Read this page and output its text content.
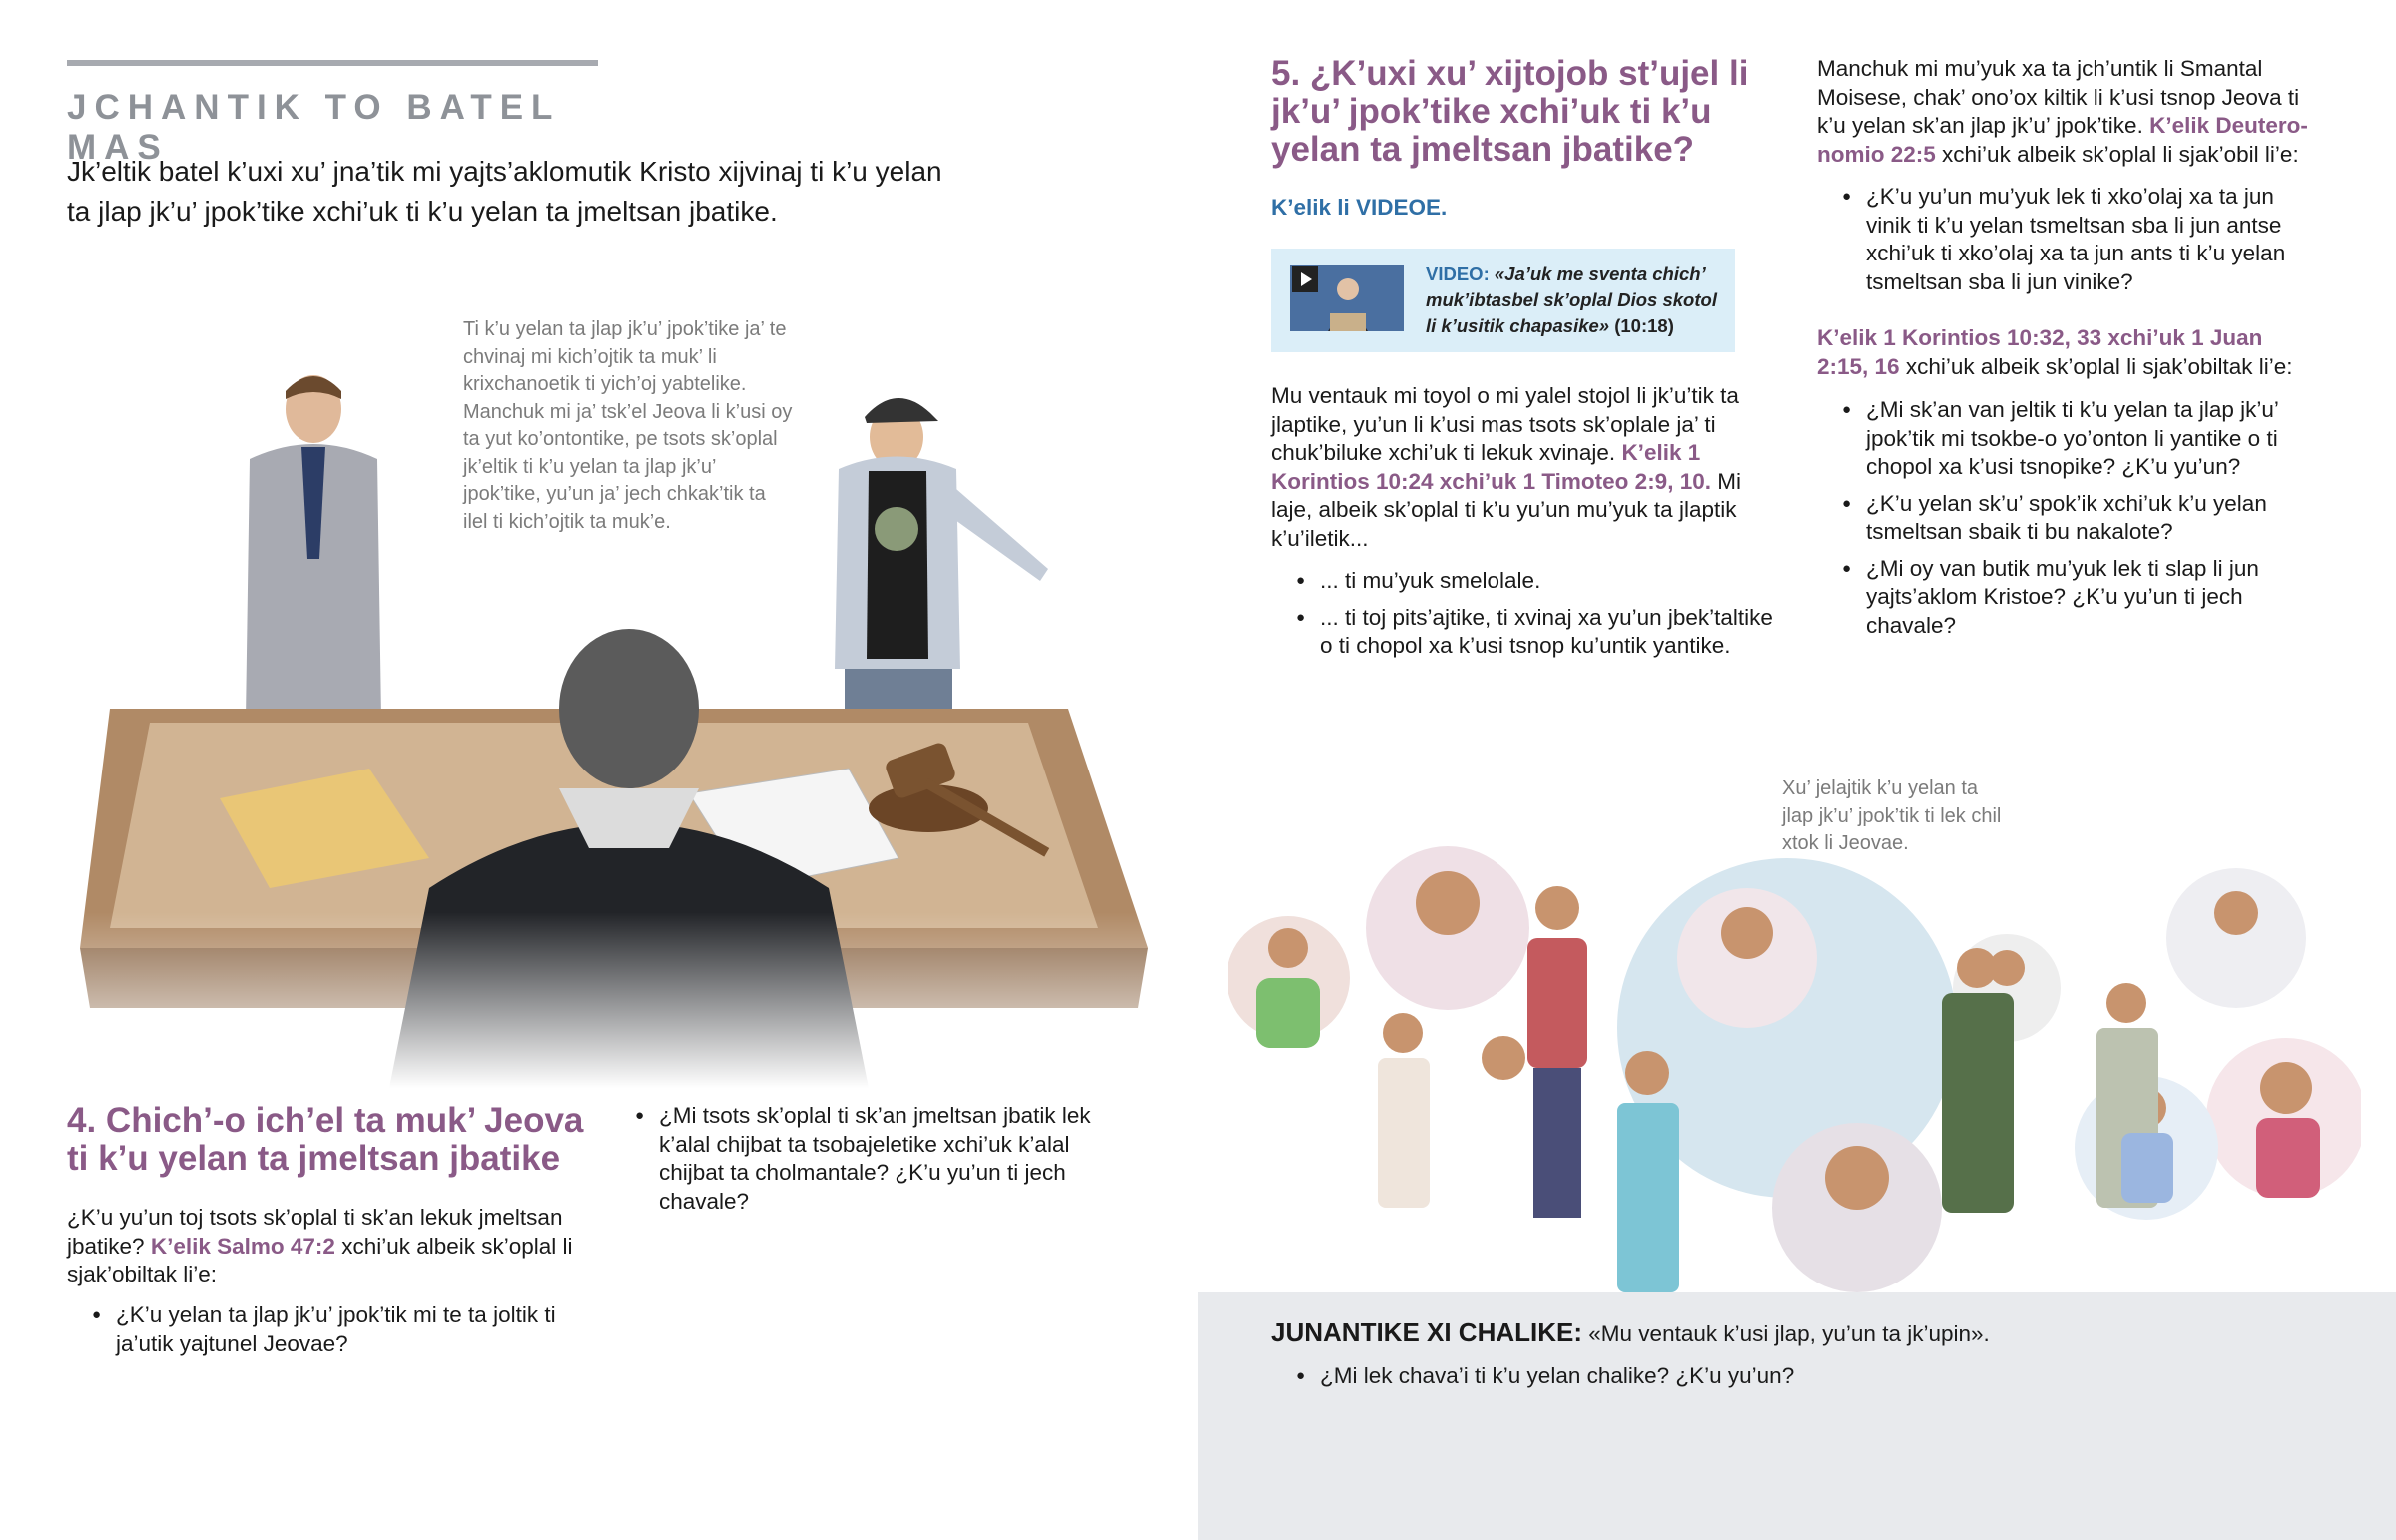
JCHANTIK TO BATEL MAS

Jk’eltik batel k’uxi xu’ jna’tik mi yajts’aklomutik Kristo xijvinaj ti k’u yelan ta jlap jk’u’ jpok’tike xchi’uk ti k’u yelan ta jmeltsan jbatike.

Ti k’u yelan ta jlap jk’u’ jpok’tike ja’ te chvinaj mi kich’ojtik ta muk’ li krixchanoetik ti yich’oj yabtelike. Manchuk mi ja’ tsk’el Jeova li k’usi oy ta yut ko’ontontike, pe tsots sk’oplal jk’eltik ti k’u yelan ta jlap jk’u’ jpok’tike, yu’un ja’ jech chkak’tik ta ilel ti kich’ojtik ta muk’e.
4. Chich’-o ich’el ta muk’ Jeova ti k’u yelan ta jmeltsan jbatike

¿K’u yu’un toj tsots sk’oplal ti sk’an lekuk jmeltsan jbatike? K’elik Salmo 47:2 xchi’uk albeik sk’oplal li sjak’obiltak li’e:

● ¿K’u yelan ta jlap jk’u’ jpok’tik mi te ta joltik ti ja’utik yajtunel Jeovae?
● ¿Mi tsots sk’oplal ti sk’an jmeltsan jbatik lek k’alal chijbat ta tsobajeletike xchi’uk k’alal chijbat ta cholmantale? ¿K’u yu’un ti jech chavale?
5. ¿K’uxi xu’ xijtojob st’ujel li jk’u’ jpok’tike xchi’uk ti k’u yelan ta jmeltsan jbatike?
K’elik li VIDEOE.
VIDEO: «Ja’uk me sventa chich’ muk’ibtasbel sk’oplal Dios skotol li k’usitik chapasike» (10:18)

Mu ventauk mi toyol o mi yalel stojol li jk’u’tik ta jlaptike, yu’un li k’usi mas tsots sk’oplale ja’ ti chuk’biluke xchi’uk ti lekuk xvinaje. K’elik 1 Korintios 10:24 xchi’uk 1 Timoteo 2:9, 10. Mi laje, albeik sk’oplal ti k’u yu’un mu’yuk ta jlaptik k’u’iletik...

● ... ti mu’yuk smelolale.
● ... ti toj pits’ajtike, ti xvinaj xa yu’un jbek’taltike o ti chopol xa k’usi tsnop ku’untik yantike.

Manchuk mi mu’yuk xa ta jch’untik li Smantal Moisese, chak’ ono’ox kiltik li k’usi tsnop Jeova ti k’u yelan sk’an jlap jk’u’ jpok’tike. K’elik Deuteronomio 22:5 xchi’uk albeik sk’oplal li sjak’obil li’e:

● ¿K’u yu’un mu’yuk lek ti xko’olaj xa ta jun vinik ti k’u yelan tsmeltsan sba li jun antse xchi’uk ti xko’olaj xa ta jun ants ti k’u yelan tsmeltsan sba li jun vinike?

K’elik 1 Korintios 10:32, 33 xchi’uk 1 Juan 2:15, 16 xchi’uk albeik sk’oplal li sjak’obiltak li’e:

● ¿Mi sk’an van jeltik ti k’u yelan ta jlap jk’u’ jpok’tik mi tsokbe-o yo’onton li yantike o ti chopol xa k’usi tsnopike? ¿K’u yu’un?
● ¿K’u yelan sk’u’ spok’ik xchi’uk k’u yelan tsmeltsan sbaik ti bu nakalote?
● ¿Mi oy van butik mu’yuk lek ti slap li jun yajts’aklom Kristoe? ¿K’u yu’un ti jech chavale?
Xu’ jelajtik k’u yelan ta jlap jk’u’ jpok’tik ti lek chil xtok li Jeovae.
JUNANTIKE XI CHALIKE: «Mu ventauk k’usi jlap, yu’un ta jk’upin».
● ¿Mi lek chava’i ti k’u yelan chalike? ¿K’u yu’un?
